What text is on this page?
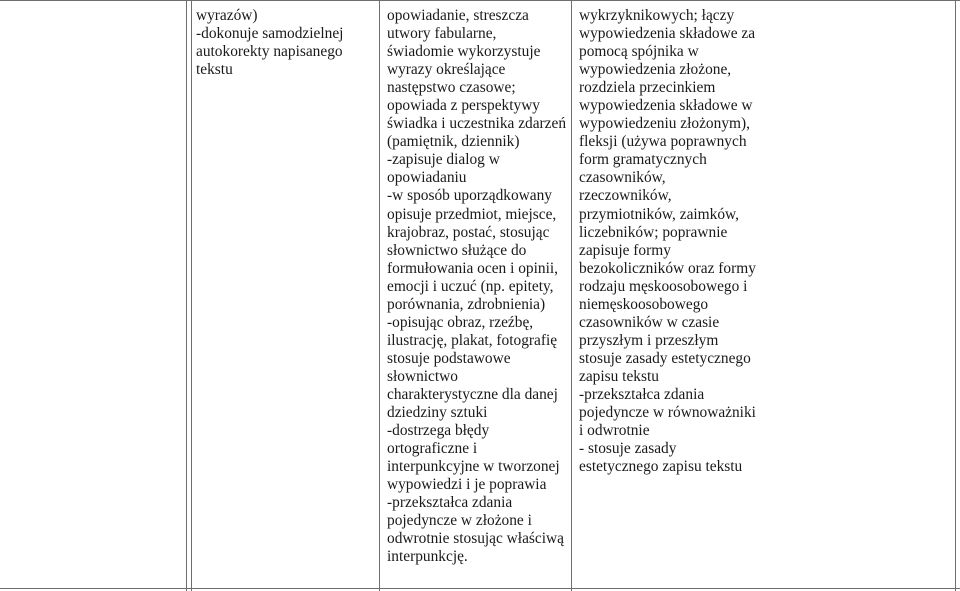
wyrazów)
-dokonuje samodzielnej
autokorekty napisanego
tekstu
opowiadanie, streszcza
utwory fabularne,
świadomie wykorzystuje
wyrazy określające
następstwo czasowe;
opowiada z perspektywy
świadka i uczestnika zdarzeń
(pamiętnik, dziennik)
-zapisuje dialog w
opowiadaniu
-w sposób uporządkowany
opisuje przedmiot, miejsce,
krajobraz, postać, stosując
słownictwo służące do
formułowania ocen i opinii,
emocji i uczuć (np. epitety,
porównania, zdrobnienia)
-opisując obraz, rzeźbę,
ilustrację, plakat, fotografię
stosuje podstawowe
słownictwo
charakterystyczne dla danej
dziedziny sztuki
-dostrzega błędy
ortograficzne i
interpunkcyjne w tworzonej
wypowiedzi i je poprawia
-przekształca zdania
pojedyncze w złożone i
odwrotnie stosując właściwą
interpunkcję.
wykrzyknikowych; łączy
wypowiedzenia składowe za
pomocą spójnika w
wypowiedzenia złożone,
rozdziela przecinkiem
wypowiedzenia składowe w
wypowiedzeniu złożonym),
fleksji (używa poprawnych
form gramatycznych
czasowników,
rzeczowników,
przymiotników, zaimków,
liczebników; poprawnie
zapisuje formy
bezokoliczników oraz formy
rodzaju męskoosobowego i
niemęskoosobowego
czasowników w czasie
przyszłym i przeszłym
stosuje zasady estetycznego
zapisu tekstu
-przekształca zdania
pojedyncze w równoważniki
i odwrotnie
- stosuje zasady
estetycznego zapisu tekstu
